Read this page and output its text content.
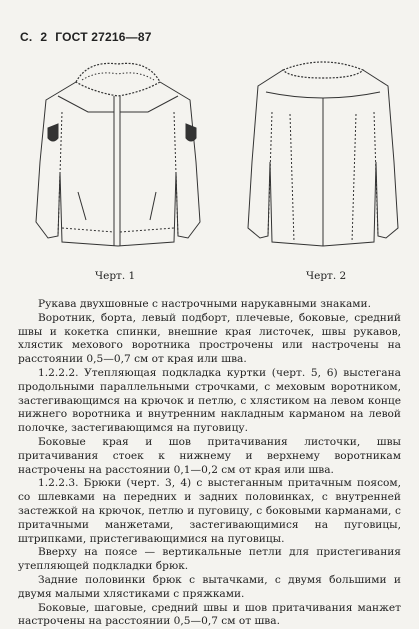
С. 2 ГОСТ 27216—87
Черт. 1	Черт. 2

Рукава двухшовные с настрочными нарукавными знаками.

Воротник, борта, левый подборт, плечевые, боковые, средний швы и кокетка спинки, внешние края листочек, швы рукавов, хлястик мехового воротника прострочены или настрочены на расстоянии 0,5—0,7 см от края или шва.

1.2.2.2. Утепляющая подкладка куртки (черт. 5, 6) выстегана продольными параллельными строчками, с меховым воротником, застегивающимся на крючок и петлю, с хлястиком на левом конце нижнего воротника и внутренним накладным карманом на левой полочке, застегивающимся на пуговицу.

Боковые края и шов притачивания листочки, швы притачивания стоек к нижнему и верхнему воротникам настрочены на расстоянии 0,1—0,2 см от края или шва.

1.2.2.3. Брюки (черт. 3, 4) с выстеганным притачным поясом, со шлевками на передних и задних половинках, с внутренней застежкой на крючок, петлю и пуговицу, с боковыми карманами, с притачными манжетами, застегивающимися на пуговицы, штрипками, пристегивающимися на пуговицы.

Вверху на поясе — вертикальные петли для пристегивания утепляющей подкладки брюк.

Задние половинки брюк с вытачками, с двумя большими и двумя малыми хлястиками с пряжками.

Боковые, шаговые, средний швы и шов притачивания манжет настрочены на расстоянии 0,5—0,7 см от шва.
